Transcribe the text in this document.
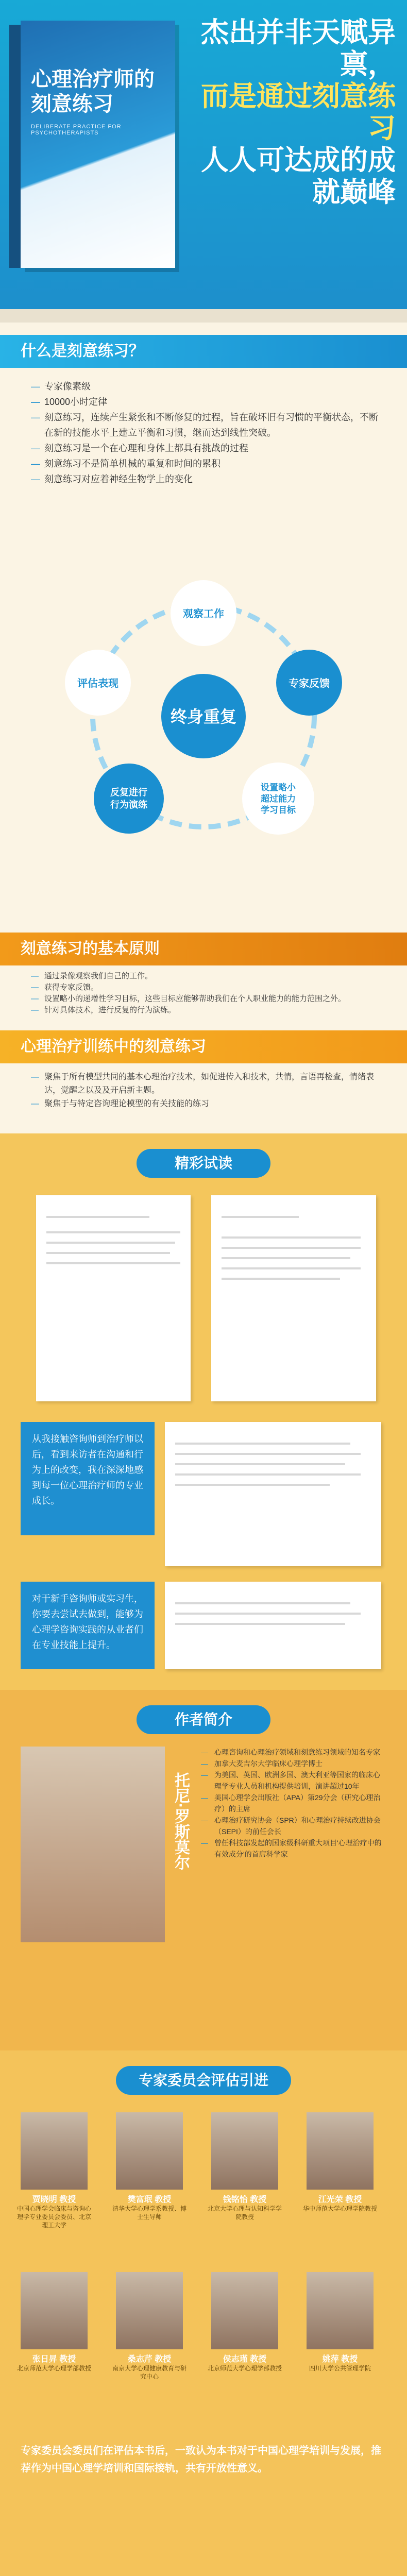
心理治疗师的刻意练习
DELIBERATE PRACTICE FOR PSYCHOTHERAPISTS
杰出并非天赋异禀，
而是通过刻意练习
人人可达成的成就巅峰
什么是刻意练习？
— 专家像素级
— 10000小时定律
— 刻意练习，连续产生紧张和不断修复的过程，旨在破坏旧有习惯的平衡状态，不断在新的技能水平上建立平衡和习惯，继而达到线性突破。
— 刻意练习是一个在心理和身体上都具有挑战的过程
— 刻意练习不是简单机械的重复和时间的累积
— 刻意练习对应着神经生物学上的变化
终身重复
观察工作
专家反馈
设置略小
超过能力
学习目标
反复进行
行为演练
评估表现
刻意练习的基本原则
— 通过录像观察我们自己的工作。
— 获得专家反馈。
— 设置略小的递增性学习目标，这些目标应能够帮助我们在个人职业能力的能力范围之外。
— 针对具体技术，进行反复的行为演练。
心理治疗训练中的刻意练习
— 聚焦于所有模型共同的基本心理治疗技术，如促进传入和技术，共情，言语再检查，情绪表达，觉醒之以及及开启新主题。
— 聚焦于与特定咨询理论模型的有关技能的练习
精彩试读
从我接触咨询师到治疗师以后，看到来访者在沟通和行为上的改变，我在深深地感到每一位心理治疗师的专业成长。
对于新手咨询师或实习生，你要去尝试去做到，能够为心理学咨询实践的从业者们在专业技能上提升。
作者简介
托尼·罗斯莫尔
— 心理咨询和心理治疗领域和刻意练习领域的知名专家
— 加拿大麦吉尔大学临床心理学博士
— 为美国、英国、欧洲多国、澳大利亚等国家的临床心理学专业人员和机构提供培训，演讲超过10年
— 美国心理学会出版社（APA）第29分会（研究心理治疗）的主席
— 心理治疗研究协会（SPR）和心理治疗持续改进协会（SEPI）的前任会长
— 曾任科技部发起的国家级科研重大项目'心理治疗中的有效成分'的首席科学家
专家委员会评估引进
贾晓明 教授
中国心理学会临床与咨询心理学专业委员会委员、北京理工大学
樊富珉 教授
清华大学心理学系教授、博士生导师
钱铭怡 教授
北京大学心理与认知科学学院教授
江光荣 教授
华中师范大学心理学院教授
张日昇 教授
北京师范大学心理学部教授
桑志芹 教授
南京大学心理健康教育与研究中心
侯志瑾 教授
北京师范大学心理学部教授
姚萍 教授
四川大学公共管理学院
专家委员会委员们在评估本书后，一致认为本书对于中国心理学培训与发展，推荐作为中国心理学培训和国际接轨，共有开放性意义。
